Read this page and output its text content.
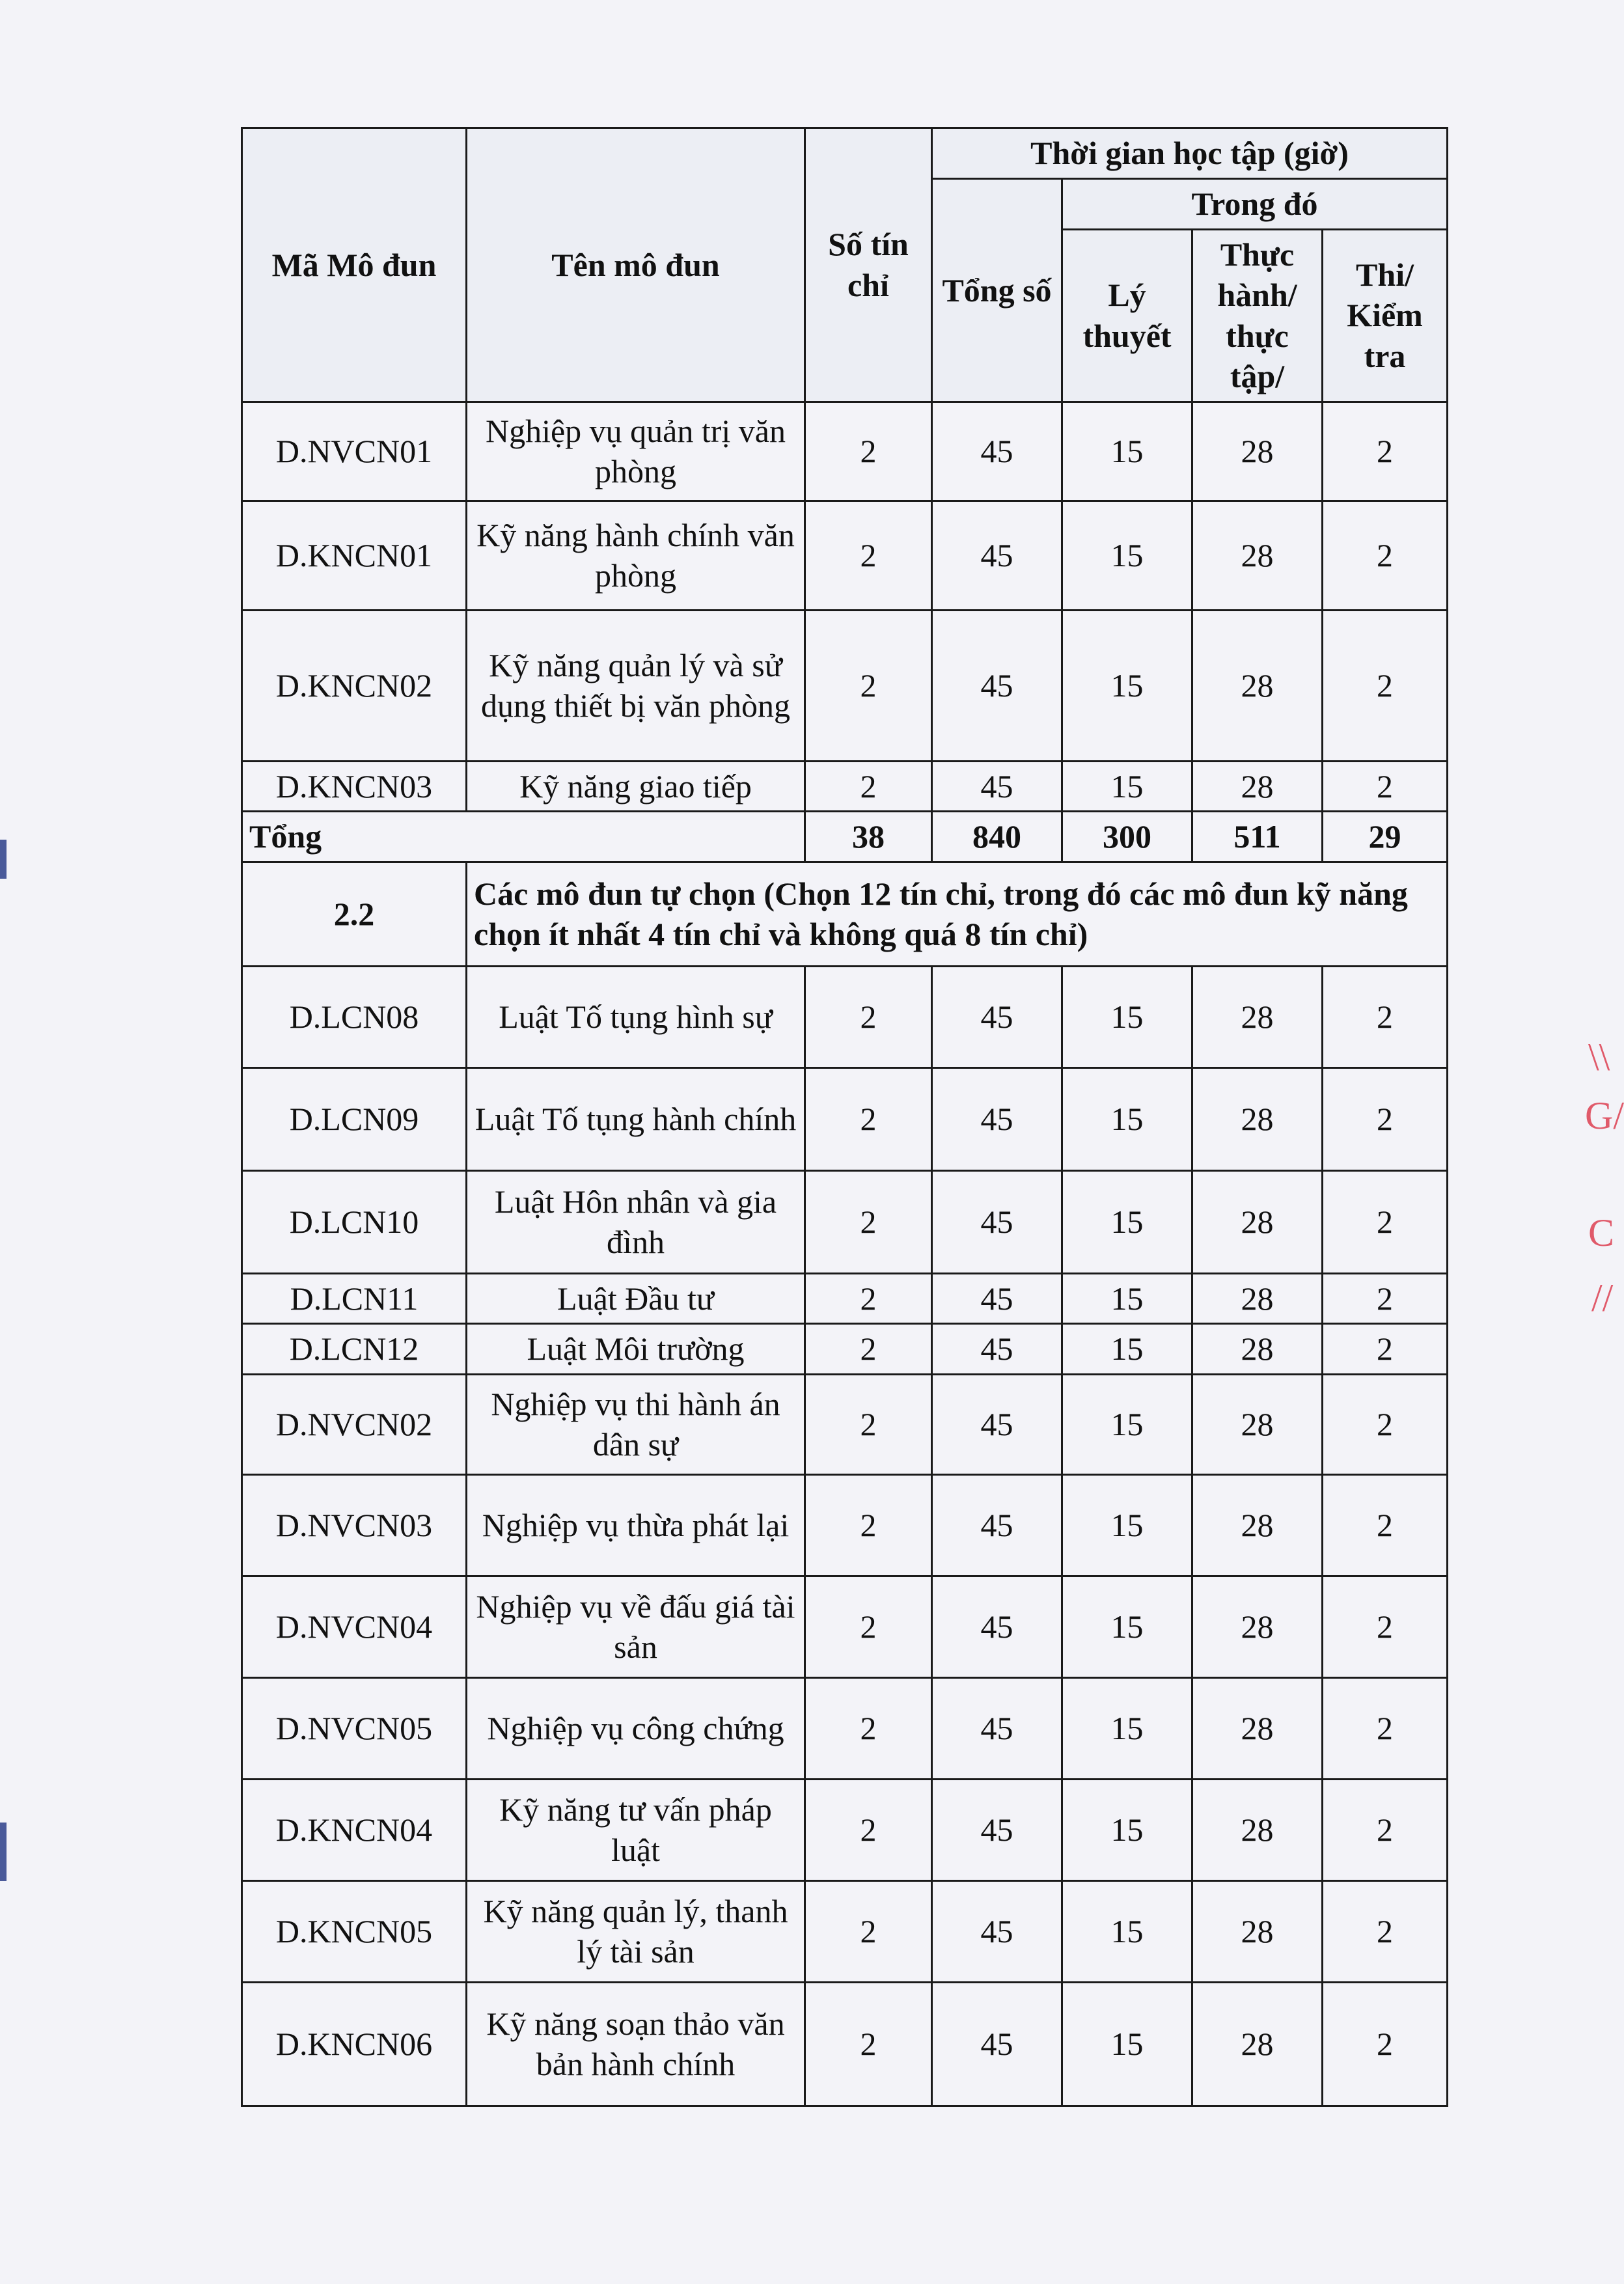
Mã Mô đun	Tên mô đun	Số tín chỉ	Thời gian học tập (giờ)			
			Tổng số	Trong đó		
				Lý thuyết	Thực hành/ thực tập/	Thi/ Kiểm tra
D.NVCN01	Nghiệp vụ quản trị văn phòng	2	45	15	28	2
D.KNCN01	Kỹ năng hành chính văn phòng	2	45	15	28	2
D.KNCN02	Kỹ năng quản lý và sử dụng thiết bị văn phòng	2	45	15	28	2
D.KNCN03	Kỹ năng giao tiếp	2	45	15	28	2
Tổng		38	840	300	511	29
2.2	Các mô đun tự chọn (Chọn 12 tín chỉ, trong đó các mô đun kỹ năng chọn ít nhất 4 tín chỉ và không quá 8 tín chỉ)					
D.LCN08	Luật Tố tụng hình sự	2	45	15	28	2
D.LCN09	Luật Tố tụng hành chính	2	45	15	28	2
D.LCN10	Luật Hôn nhân và gia đình	2	45	15	28	2
D.LCN11	Luật Đầu tư	2	45	15	28	2
D.LCN12	Luật Môi trường	2	45	15	28	2
D.NVCN02	Nghiệp vụ thi hành án dân sự	2	45	15	28	2
D.NVCN03	Nghiệp vụ thừa phát lại	2	45	15	28	2
D.NVCN04	Nghiệp vụ về đấu giá tài sản	2	45	15	28	2
D.NVCN05	Nghiệp vụ công chứng	2	45	15	28	2
D.KNCN04	Kỹ năng tư vấn pháp luật	2	45	15	28	2
D.KNCN05	Kỹ năng quản lý, thanh lý tài sản	2	45	15	28	2
D.KNCN06	Kỹ năng soạn thảo văn bản hành chính	2	45	15	28	2
\\
G/
C
//
